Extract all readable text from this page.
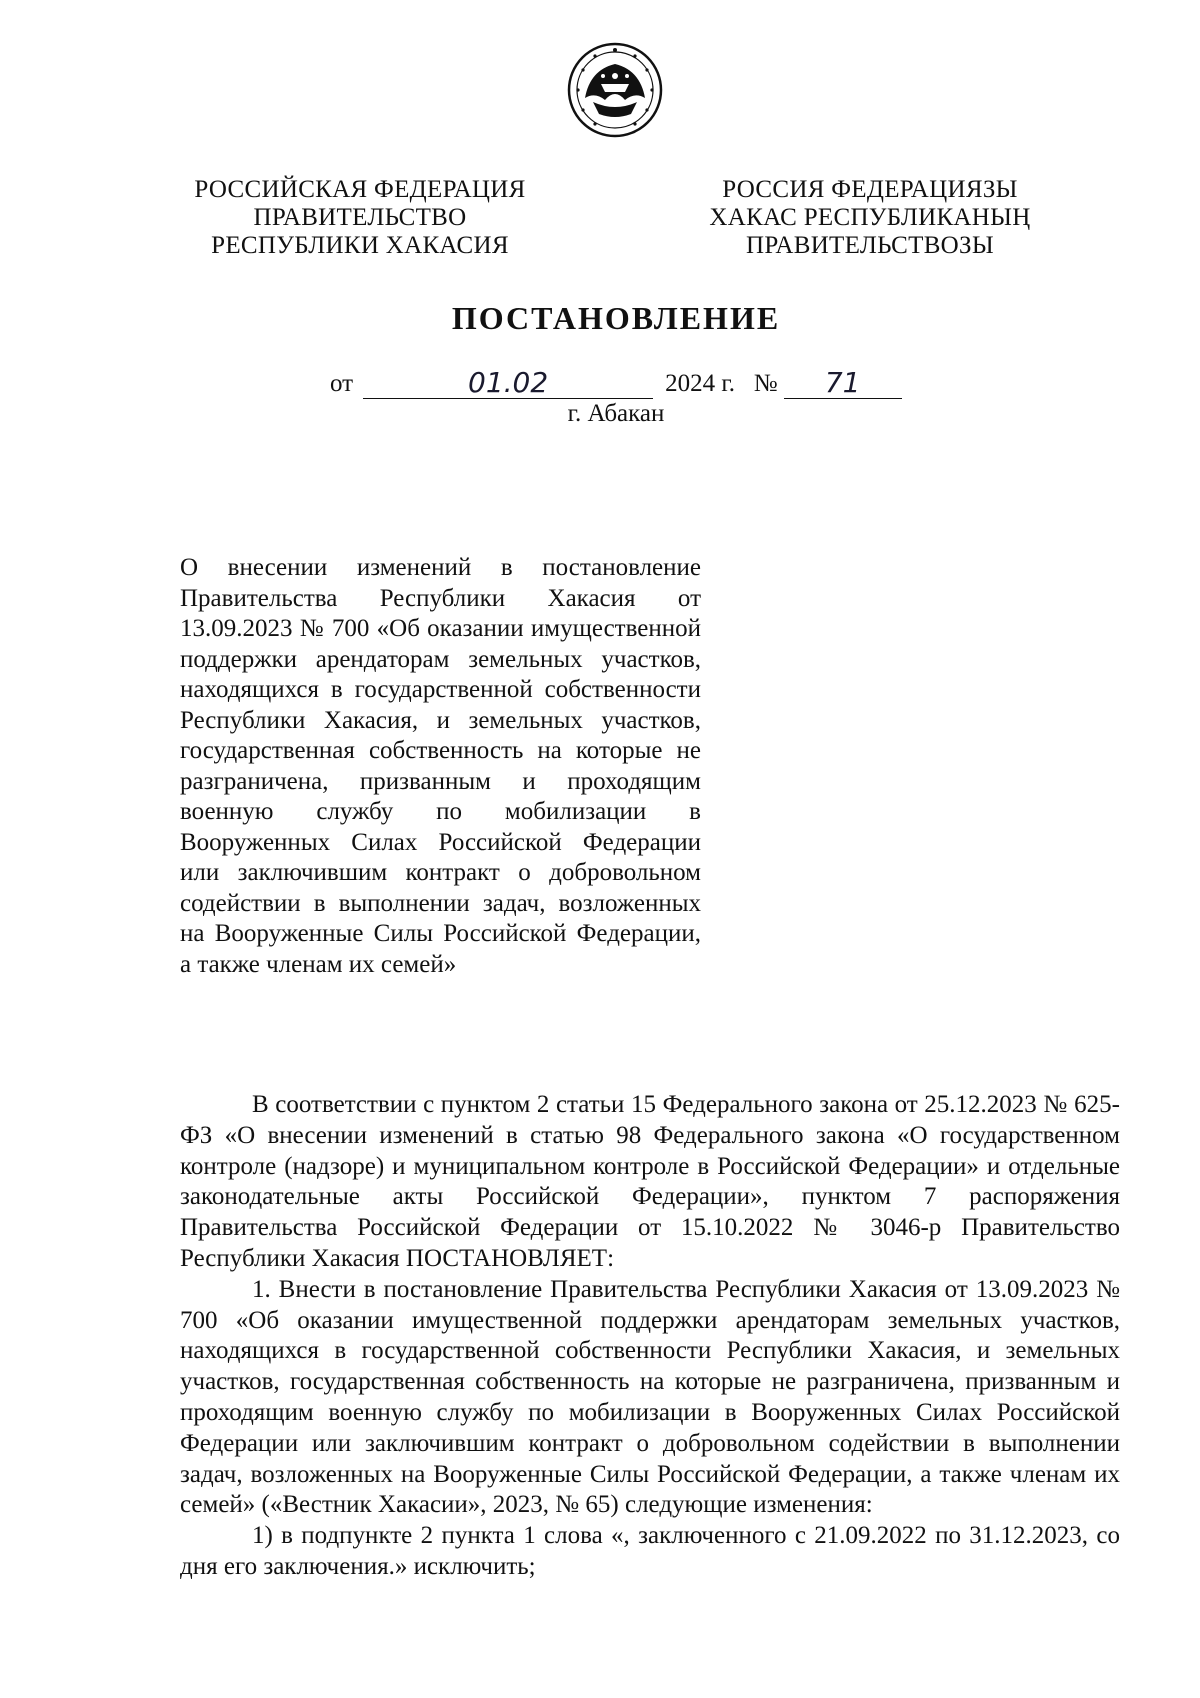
РОССИЙСКАЯ ФЕДЕРАЦИЯ
ПРАВИТЕЛЬСТВО
РЕСПУБЛИКИ ХАКАСИЯ
РОССИЯ ФЕДЕРАЦИЯЗЫ
ХАКАС РЕСПУБЛИКАНЫҢ
ПРАВИТЕЛЬСТВОЗЫ
ПОСТАНОВЛЕНИЕ
от	01.02	2024 г. № 71
г. Абакан
О внесении изменений в постановление Правительства Республики Хакасия от 13.09.2023 № 700 «Об оказании имущественной поддержки арендаторам земельных участков, находящихся в государственной собственности Республики Хакасия, и земельных участков, государственная собственность на которые не разграничена, призванным и проходящим военную службу по мобилизации в Вооруженных Силах Российской Федерации или заключившим контракт о добровольном содействии в выполнении задач, возложенных на Вооруженные Силы Российской Федерации, а также членам их семей»

В соответствии с пунктом 2 статьи 15 Федерального закона от 25.12.2023 № 625-ФЗ «О внесении изменений в статью 98 Федерального закона «О государственном контроле (надзоре) и муниципальном контроле в Российской Федерации» и отдельные законодательные акты Российской Федерации», пунктом 7 распоряжения Правительства Российской Федерации от 15.10.2022 № 3046-р Правительство Республики Хакасия ПОСТАНОВЛЯЕТ:

1. Внести в постановление Правительства Республики Хакасия от 13.09.2023 № 700 «Об оказании имущественной поддержки арендаторам земельных участков, находящихся в государственной собственности Республики Хакасия, и земельных участков, государственная собственность на которые не разграничена, призванным и проходящим военную службу по мобилизации в Вооруженных Силах Российской Федерации или заключившим контракт о добровольном содействии в выполнении задач, возложенных на Вооруженные Силы Российской Федерации, а также членам их семей» («Вестник Хакасии», 2023, № 65) следующие изменения:

1) в подпункте 2 пункта 1 слова «, заключенного с 21.09.2022 по 31.12.2023, со дня его заключения.» исключить;
